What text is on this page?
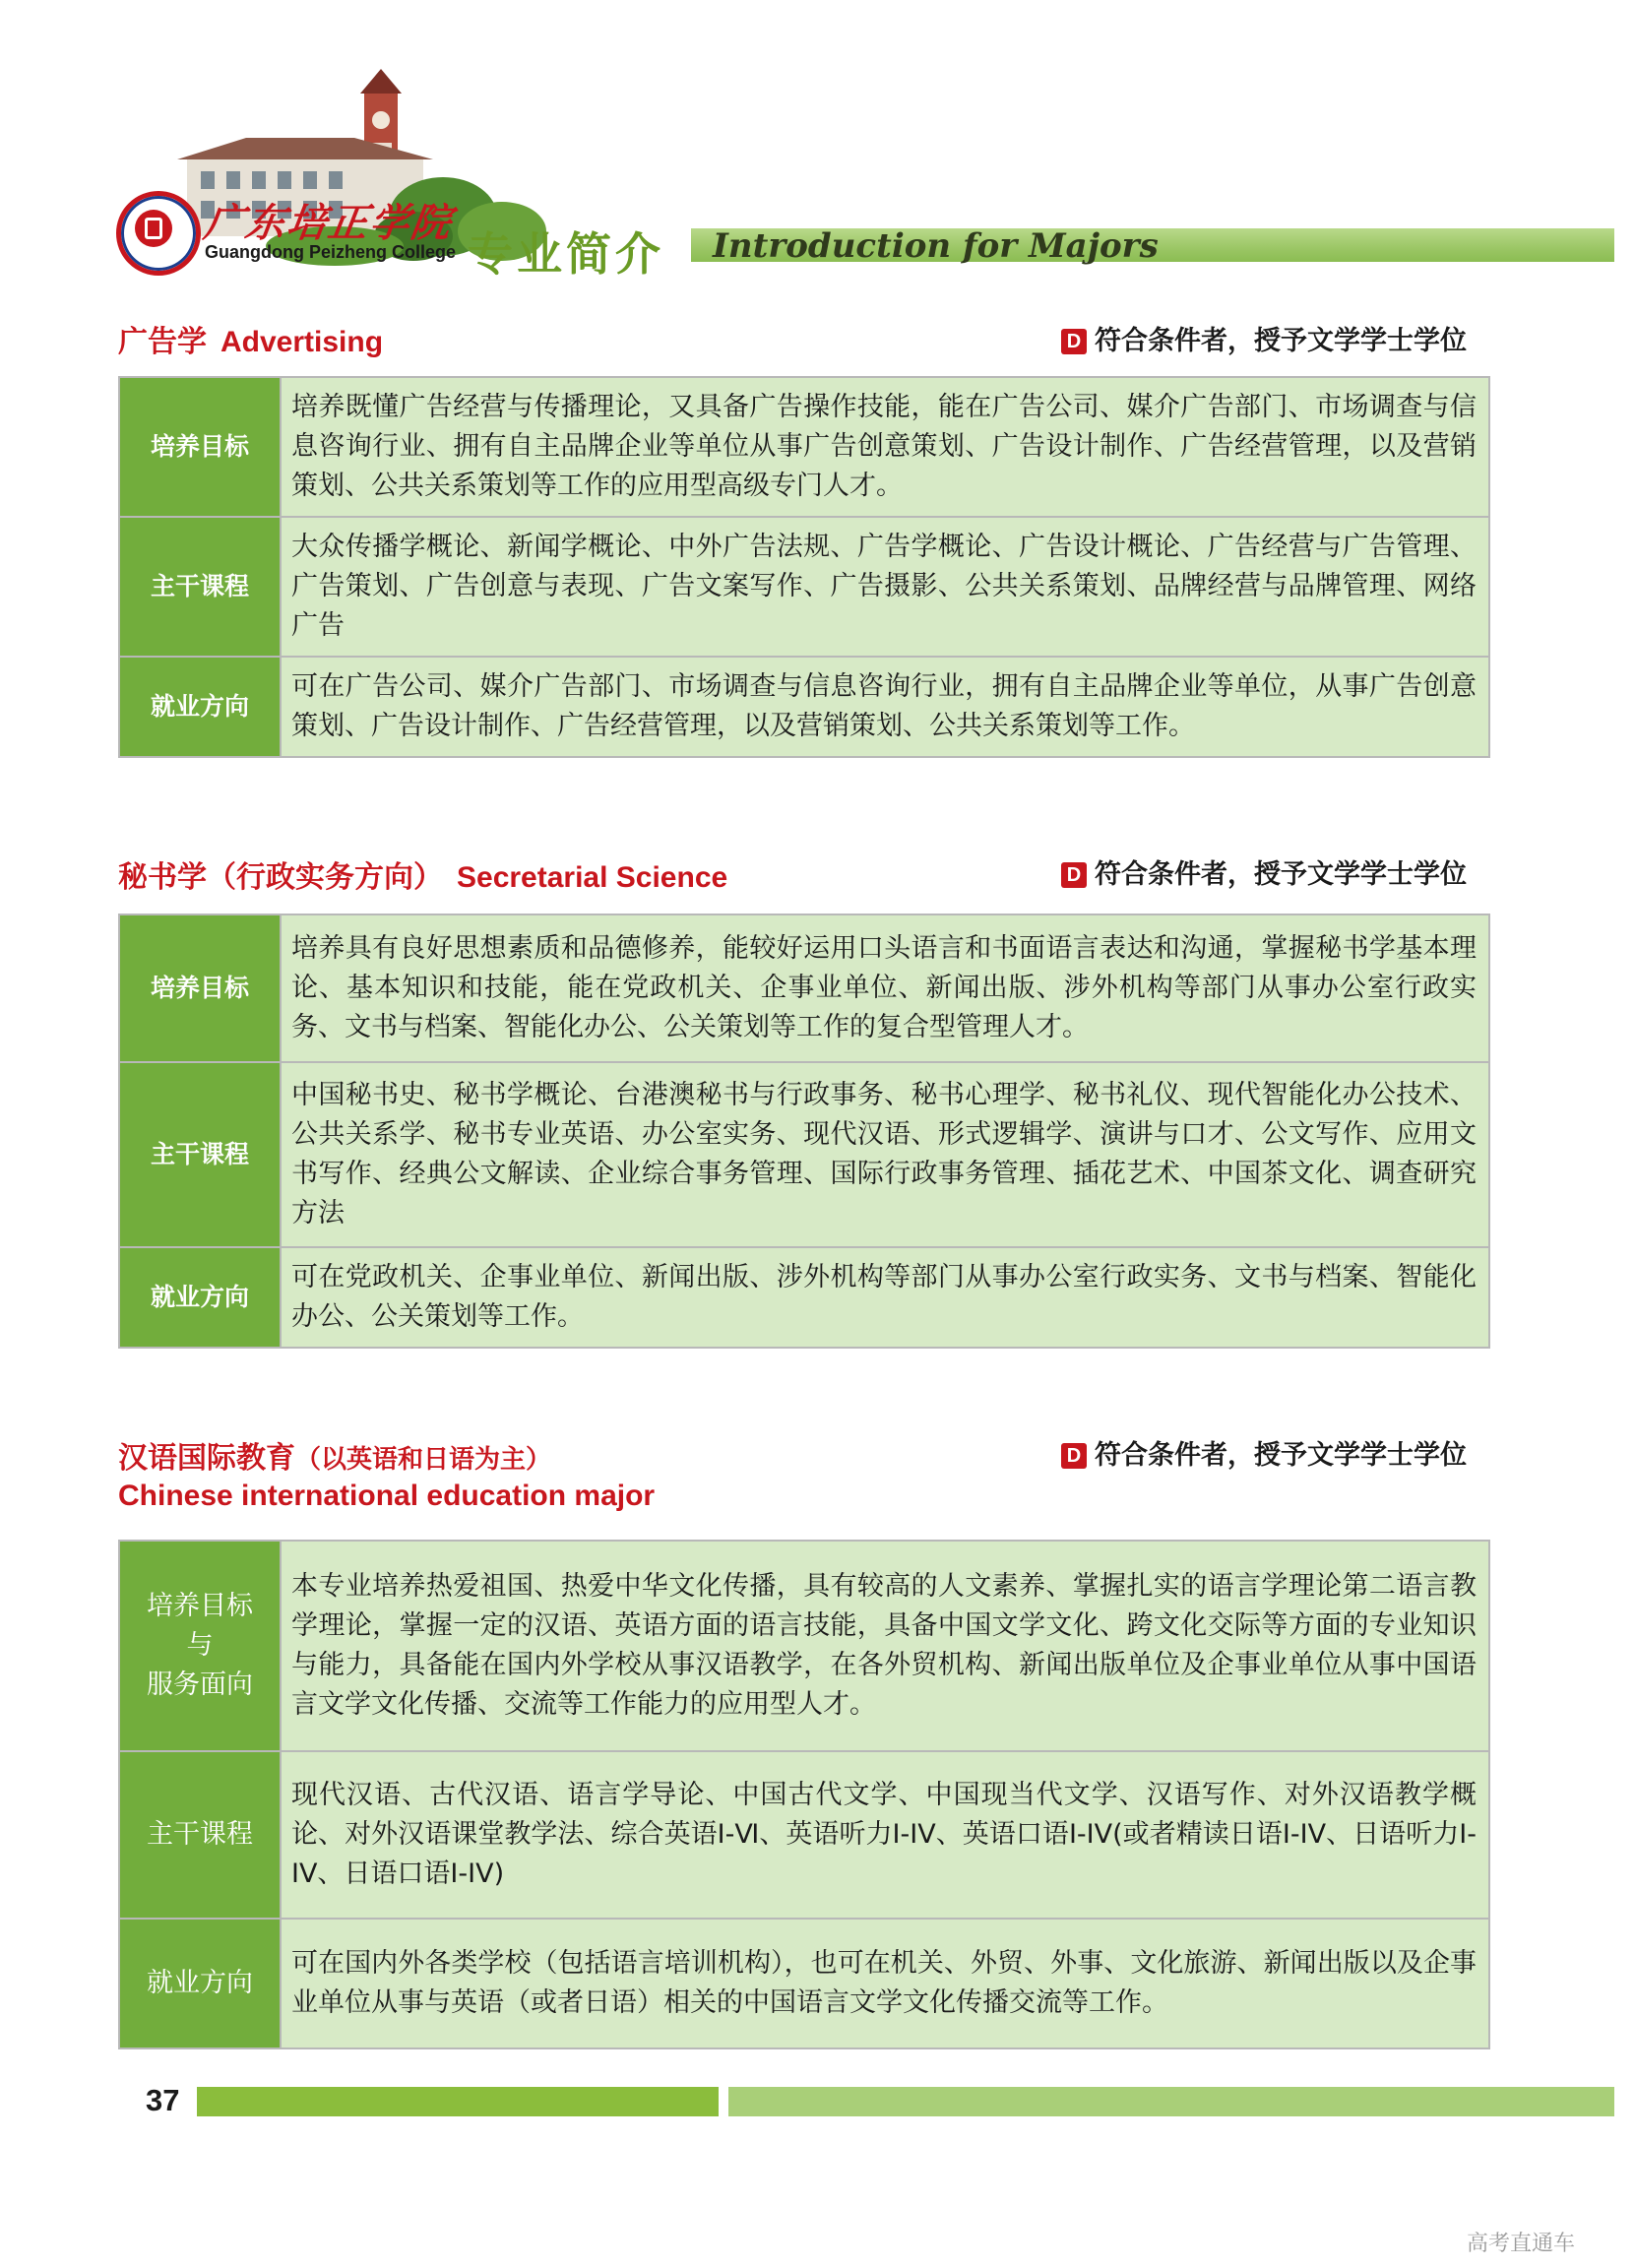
广东培正学院
Guangdong Peizheng College 专业简介 Introduction for Majors
广告学 Advertising	D 符合条件者，授予文学学士学位
培养目标	培养既懂广告经营与传播理论，又具备广告操作技能，能在广告公司、媒介广告部门、市场调查与信息咨询行业、拥有自主品牌企业等单位从事广告创意策划、广告设计制作、广告经营管理，以及营销策划、公共关系策划等工作的应用型高级专门人才。
主干课程	大众传播学概论、新闻学概论、中外广告法规、广告学概论、广告设计概论、广告经营与广告管理、广告策划、广告创意与表现、广告文案写作、广告摄影、公共关系策划、品牌经营与品牌管理、网络广告
就业方向	可在广告公司、媒介广告部门、市场调查与信息咨询行业，拥有自主品牌企业等单位，从事广告创意策划、广告设计制作、广告经营管理，以及营销策划、公共关系策划等工作。
秘书学（行政实务方向） Secretarial Science	D 符合条件者，授予文学学士学位
培养目标	培养具有良好思想素质和品德修养，能较好运用口头语言和书面语言表达和沟通，掌握秘书学基本理论、基本知识和技能，能在党政机关、企事业单位、新闻出版、涉外机构等部门从事办公室行政实务、文书与档案、智能化办公、公关策划等工作的复合型管理人才。
主干课程	中国秘书史、秘书学概论、台港澳秘书与行政事务、秘书心理学、秘书礼仪、现代智能化办公技术、公共关系学、秘书专业英语、办公室实务、现代汉语、形式逻辑学、演讲与口才、公文写作、应用文书写作、经典公文解读、企业综合事务管理、国际行政事务管理、插花艺术、中国茶文化、调查研究方法
就业方向	可在党政机关、企事业单位、新闻出版、涉外机构等部门从事办公室行政实务、文书与档案、智能化办公、公关策划等工作。
汉语国际教育（以英语和日语为主）
Chinese international education major
D 符合条件者，授予文学学士学位
培养目标
与
服务面向	本专业培养热爱祖国、热爱中华文化传播，具有较高的人文素养、掌握扎实的语言学理论第二语言教学理论，掌握一定的汉语、英语方面的语言技能，具备中国文学文化、跨文化交际等方面的专业知识与能力，具备能在国内外学校从事汉语教学，在各外贸机构、新闻出版单位及企事业单位从事中国语言文学文化传播、交流等工作能力的应用型人才。
主干课程	现代汉语、古代汉语、语言学导论、中国古代文学、中国现当代文学、汉语写作、对外汉语教学概论、对外汉语课堂教学法、综合英语I-Ⅵ、英语听力I-IV、英语口语I-IV(或者精读日语I-IV、日语听力I-IV、日语口语I-IV)
就业方向	可在国内外各类学校（包括语言培训机构），也可在机关、外贸、外事、文化旅游、新闻出版以及企事业单位从事与英语（或者日语）相关的中国语言文学文化传播交流等工作。
37
高考直通车
